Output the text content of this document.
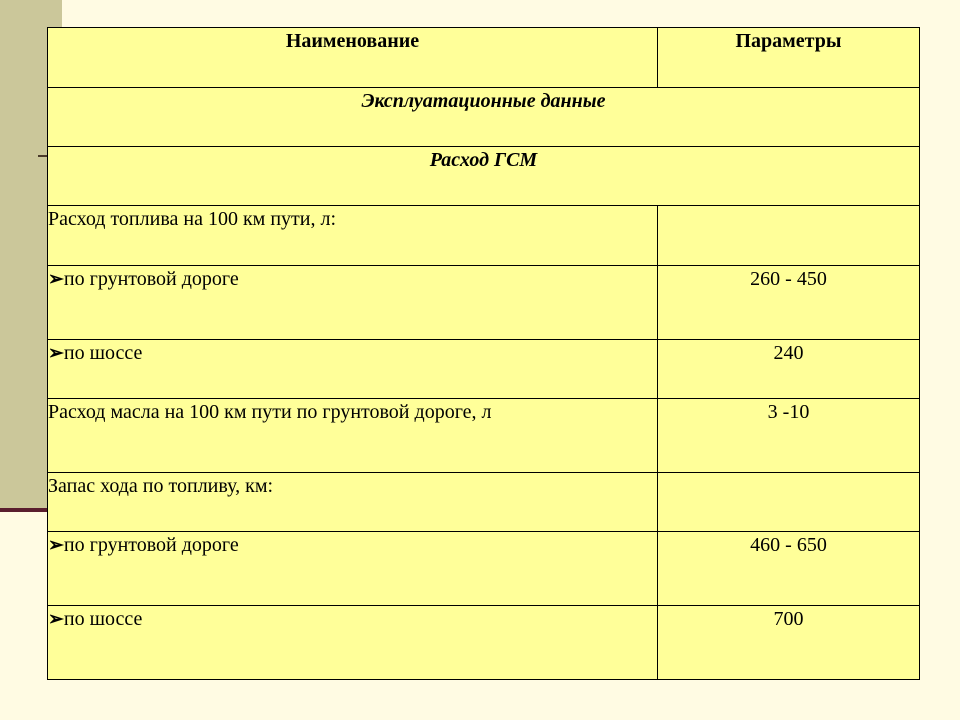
Наименование	Параметры
Эксплуатационные данные	
Расход ГСМ	
Расход топлива на 100 км пути, л:	
➢по грунтовой дороге	260 - 450
➢по шоссе	240
Расход масла на 100 км пути по грунтовой дороге, л	3 -10
Запас хода по топливу, км:	
➢по грунтовой дороге	460 - 650
➢по шоссе	700
